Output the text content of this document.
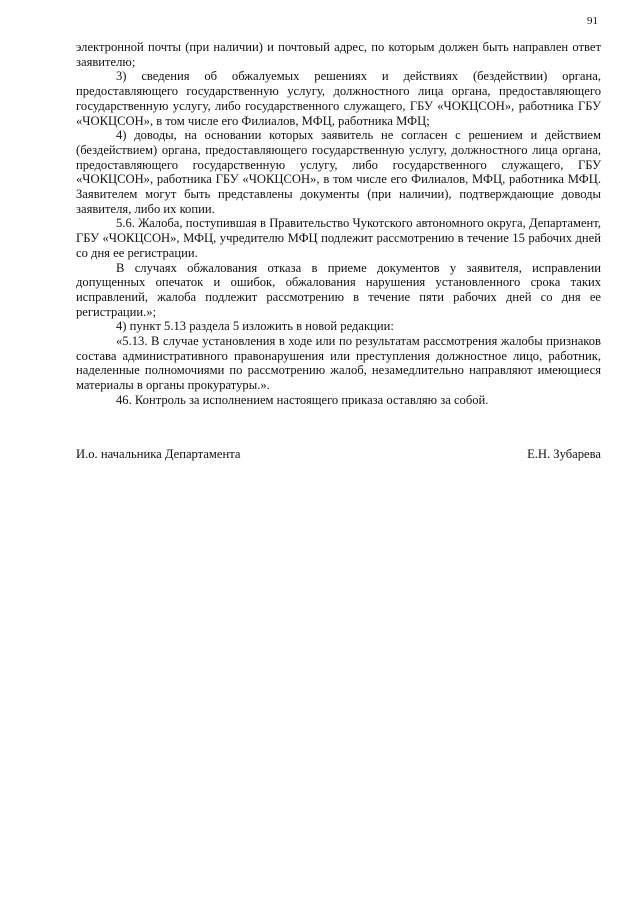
91

электронной почты (при наличии) и почтовый адрес, по которым должен быть направлен ответ заявителю;

3) сведения об обжалуемых решениях и действиях (бездействии) органа, предоставляющего государственную услугу, должностного лица органа, предоставляющего государственную услугу, либо государственного служащего, ГБУ «ЧОКЦСОН», работника ГБУ «ЧОКЦСОН», в том числе его Филиалов, МФЦ, работника МФЦ;

4) доводы, на основании которых заявитель не согласен с решением и действием (бездействием) органа, предоставляющего государственную услугу, должностного лица органа, предоставляющего государственную услугу, либо государственного служащего, ГБУ «ЧОКЦСОН», работника ГБУ «ЧОКЦСОН», в том числе его Филиалов, МФЦ, работника МФЦ. Заявителем могут быть представлены документы (при наличии), подтверждающие доводы заявителя, либо их копии.

5.6. Жалоба, поступившая в Правительство Чукотского автономного округа, Департамент, ГБУ «ЧОКЦСОН», МФЦ, учредителю МФЦ подлежит рассмотрению в течение 15 рабочих дней со дня ее регистрации.

В случаях обжалования отказа в приеме документов у заявителя, исправлении допущенных опечаток и ошибок, обжалования нарушения установленного срока таких исправлений, жалоба подлежит рассмотрению в течение пяти рабочих дней со дня ее регистрации.»;

4) пункт 5.13 раздела 5 изложить в новой редакции:

«5.13. В случае установления в ходе или по результатам рассмотрения жалобы признаков состава административного правонарушения или преступления должностное лицо, работник, наделенные полномочиями по рассмотрению жалоб, незамедлительно направляют имеющиеся материалы в органы прокуратуры.».

46. Контроль за исполнением настоящего приказа оставляю за собой.

И.о. начальника Департамента	Е.Н. Зубарева
